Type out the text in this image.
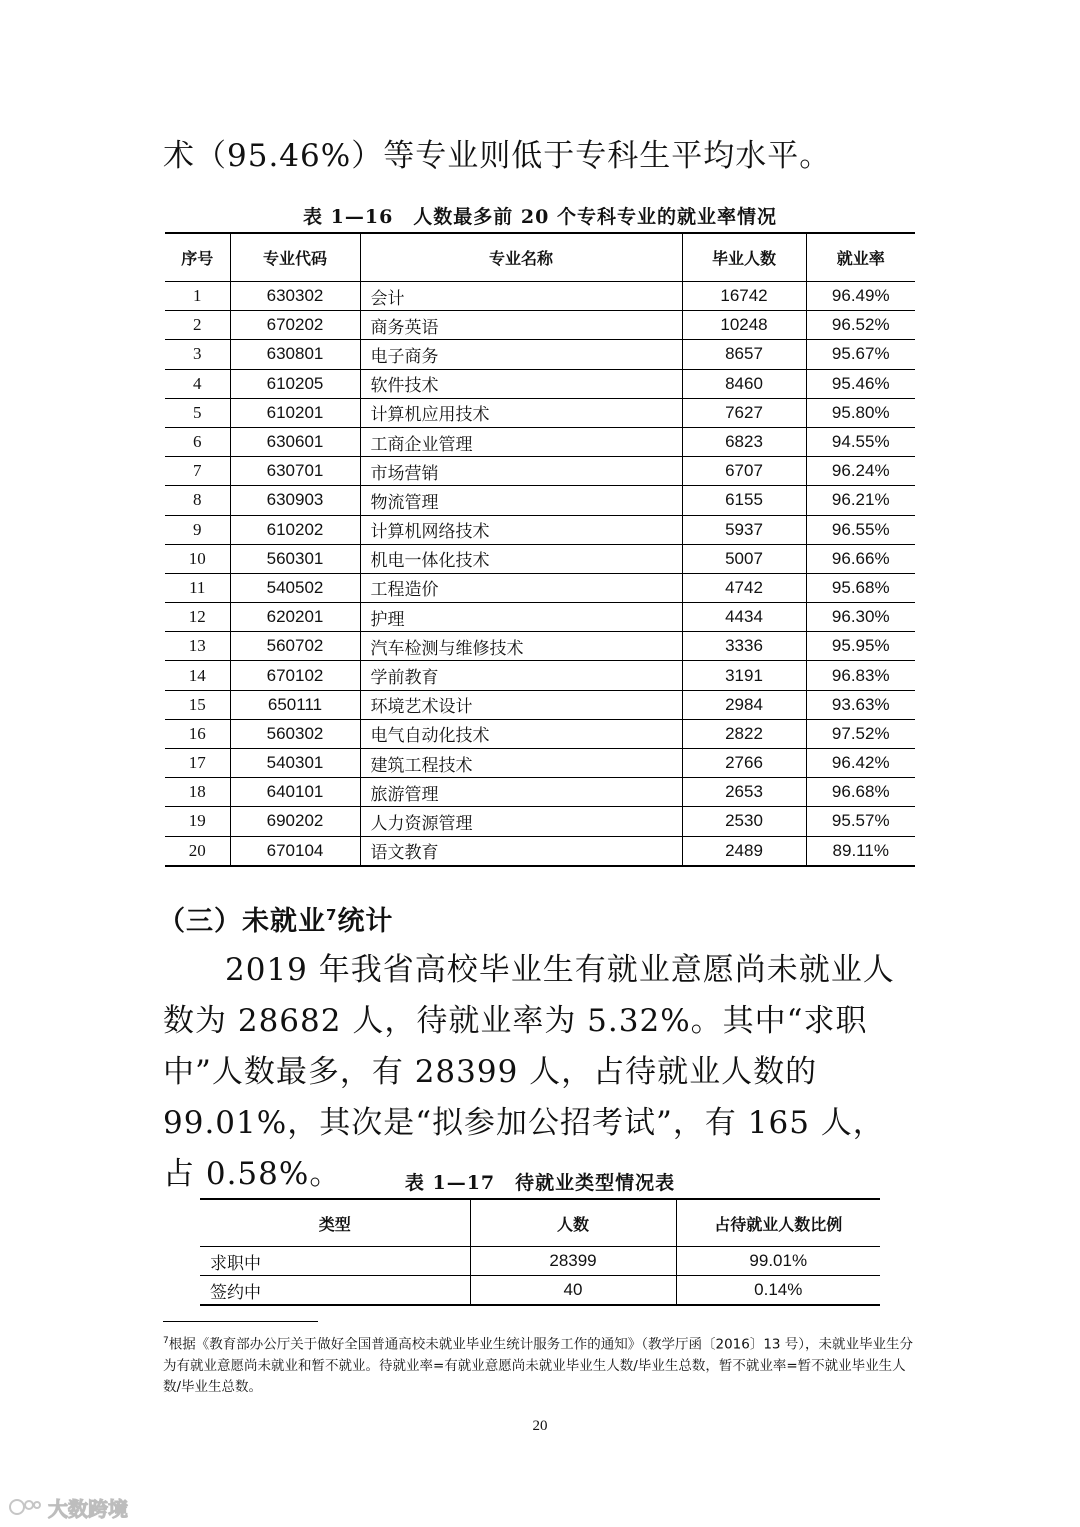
术（95.46%）等专业则低于专科生平均水平。

表 1—16　人数最多前 20 个专科专业的就业率情况
序号	专业代码	专业名称	毕业人数	就业率
1	630302	会计	16742	96.49%
2	670202	商务英语	10248	96.52%
3	630801	电子商务	8657	95.67%
4	610205	软件技术	8460	95.46%
5	610201	计算机应用技术	7627	95.80%
6	630601	工商企业管理	6823	94.55%
7	630701	市场营销	6707	96.24%
8	630903	物流管理	6155	96.21%
9	610202	计算机网络技术	5937	96.55%
10	560301	机电一体化技术	5007	96.66%
11	540502	工程造价	4742	95.68%
12	620201	护理	4434	96.30%
13	560702	汽车检测与维修技术	3336	95.95%
14	670102	学前教育	3191	96.83%
15	650111	环境艺术设计	2984	93.63%
16	560302	电气自动化技术	2822	97.52%
17	540301	建筑工程技术	2766	96.42%
18	640101	旅游管理	2653	96.68%
19	690202	人力资源管理	2530	95.57%
20	670104	语文教育	2489	89.11%
（三）未就业$^7$统计

2019 年我省高校毕业生有就业意愿尚未就业人数为 28682 人，待就业率为 5.32%。其中“求职中”人数最多，有 28399 人，占待就业人数的 99.01%，其次是“拟参加公招考试”，有 165 人，占 0.58%。	表 1—17　待就业类型情况表
类型	人数	占待就业人数比例
求职中	28399	99.01%
签约中	40	0.14%

$^7$根据《教育部办公厅关于做好全国普通高校未就业毕业生统计服务工作的通知》（教学厅函〔2016〕13 号），未就业毕业生分为有就业意愿尚未就业和暂不就业。待就业率=有就业意愿尚未就业毕业生人数/毕业生总数，暂不就业率=暂不就业毕业生人数/毕业生总数。

20
大数跨境
